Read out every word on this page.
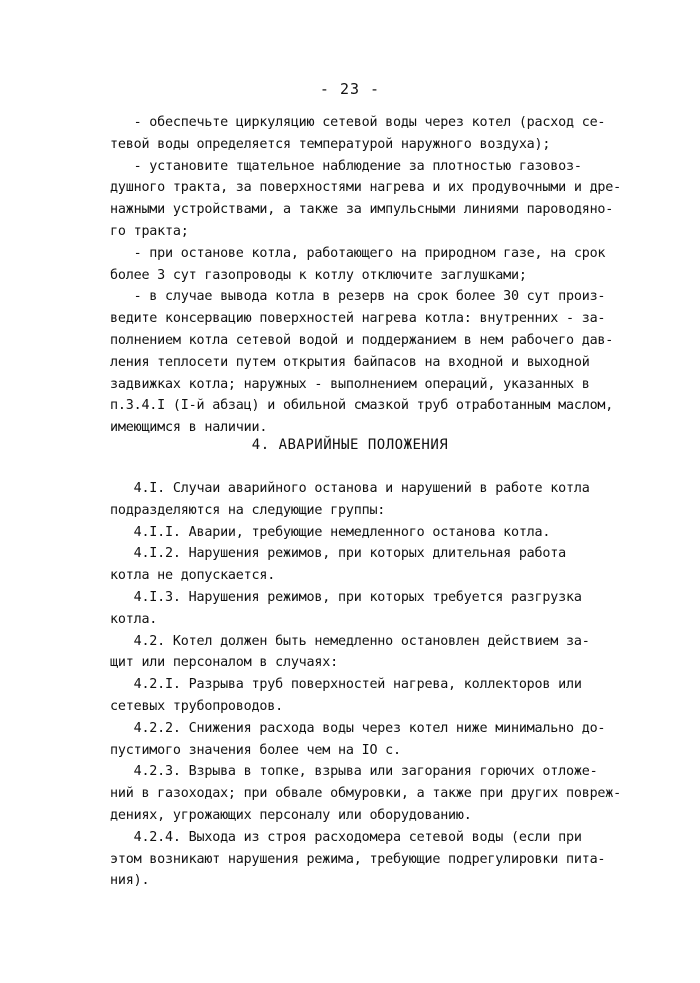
- 23 -
- обеспечьте циркуляцию сетевой воды через котел (расход се-
тевой воды определяется температурой наружного воздуха);
- установите тщательное наблюдение за плотностью газовоз-
душного тракта, за поверхностями нагрева и их продувочными и дре-
нажными устройствами, а также за импульсными линиями пароводяно-
го тракта;
- при останове котла, работающего на природном газе, на срок
более 3 сут газопроводы к котлу отключите заглушками;
- в случае вывода котла в резерв на срок более 30 сут произ-
ведите консервацию поверхностей нагрева котла: внутренних - за-
полнением котла сетевой водой и поддержанием в нем рабочего дав-
ления теплосети путем открытия байпасов на входной и выходной
задвижках котла; наружных - выполнением операций, указанных в
п.3.4.I (I-й абзац) и обильной смазкой труб отработанным маслом,
имеющимся в наличии.
4. АВАРИЙНЫЕ ПОЛОЖЕНИЯ
4.I. Случаи аварийного останова и нарушений в работе котла
подразделяются на следующие группы:
4.I.I. Аварии, требующие немедленного останова котла.
4.I.2. Нарушения режимов, при которых длительная работа
котла не допускается.
4.I.3. Нарушения режимов, при которых требуется разгрузка
котла.
4.2. Котел должен быть немедленно остановлен действием за-
щит или персоналом в случаях:
4.2.I. Разрыва труб поверхностей нагрева, коллекторов или
сетевых трубопроводов.
4.2.2. Снижения расхода воды через котел ниже минимально до-
пустимого значения более чем на IO с.
4.2.3. Взрыва в топке, взрыва или загорания горючих отложе-
ний в газоходах; при обвале обмуровки, а также при других повреж-
дениях, угрожающих персоналу или оборудованию.
4.2.4. Выхода из строя расходомера сетевой воды (если при
этом возникают нарушения режима, требующие подрегулировки пита-
ния).
